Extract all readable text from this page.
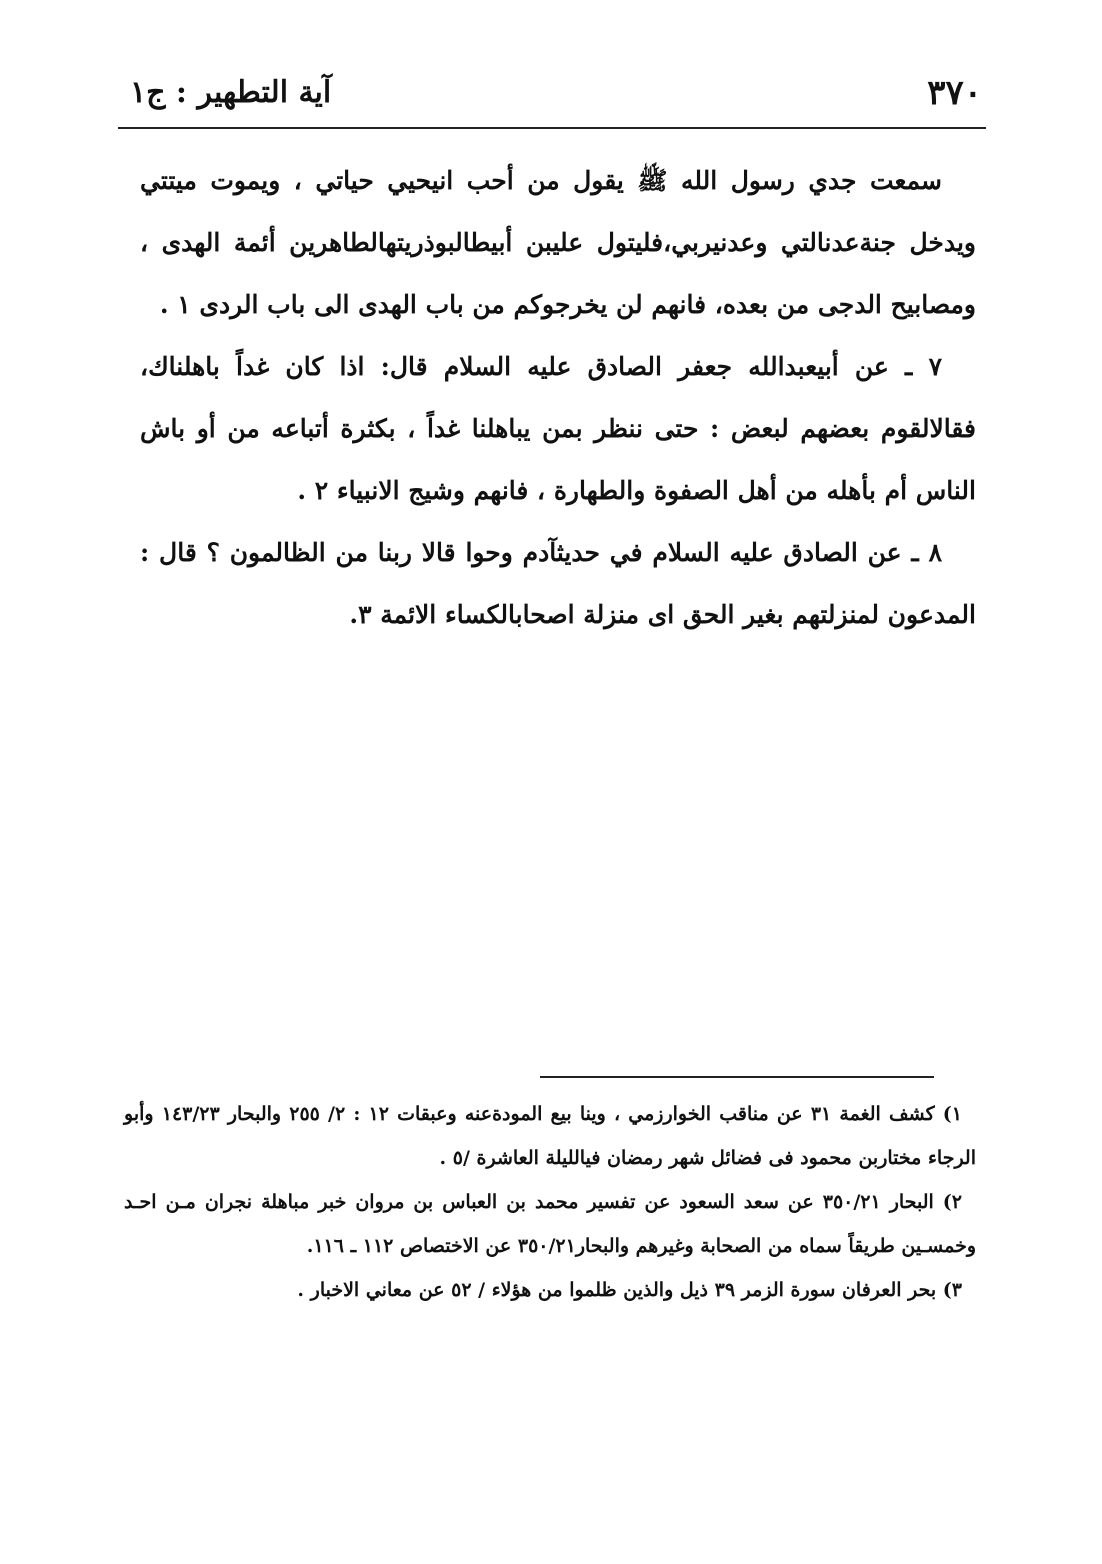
٣٧٠
آية التطهير : ج١

سمعت جدي رسول الله ﷺ يقول من أحب انيحيي حياتي ، ويموت ميتتي ويدخل جنةعدنالتي وعدنيربي،فليتول عليبن أبيطالبوذريتهالطاهرين أئمة الهدى ، ومصابيح الدجى من بعده، فانهم لن يخرجوكم من باب الهدى الى باب الردى ١ .

٧ ـ عن أبيعبدالله جعفر الصادق عليه السلام قال: اذا كان غداً باهلناك، فقالالقوم بعضهم لبعض : حتى ننظر بمن يباهلنا غداً ، بكثرة أتباعه من أو باش الناس أم بأهله من أهل الصفوة والطهارة ، فانهم وشيج الانبياء ٢ .

٨ ـ عن الصادق عليه السلام في حديثآدم وحوا قالا ربنا من الظالمون ؟ قال : المدعون لمنزلتهم بغير الحق اى منزلة اصحابالكساء الائمة ٣.

١) كشف الغمة ٣١ عن مناقب الخوارزمي ، وينا بيع المودةعنه وعبقات ١٢ : ٢/ ٢٥٥ والبحار ١٤٣/٢٣ وأبو الرجاء مختاربن محمود فى فضائل شهر رمضان فيالليلة العاشرة /٥ .

٢) البحار ٣٥٠/٢١ عن سعد السعود عن تفسير محمد بن العباس بن مروان خبر مباهلة نجران مـن احـد وخمسـين طريقاً سماه من الصحابة وغيرهم والبحار٣٥٠/٢١ عن الاختصاص ١١٢ ـ ١١٦.

٣) بحر العرفان سورة الزمر ٣٩ ذيل والذين ظلموا من هؤلاء / ٥٢ عن معاني الاخبار .
